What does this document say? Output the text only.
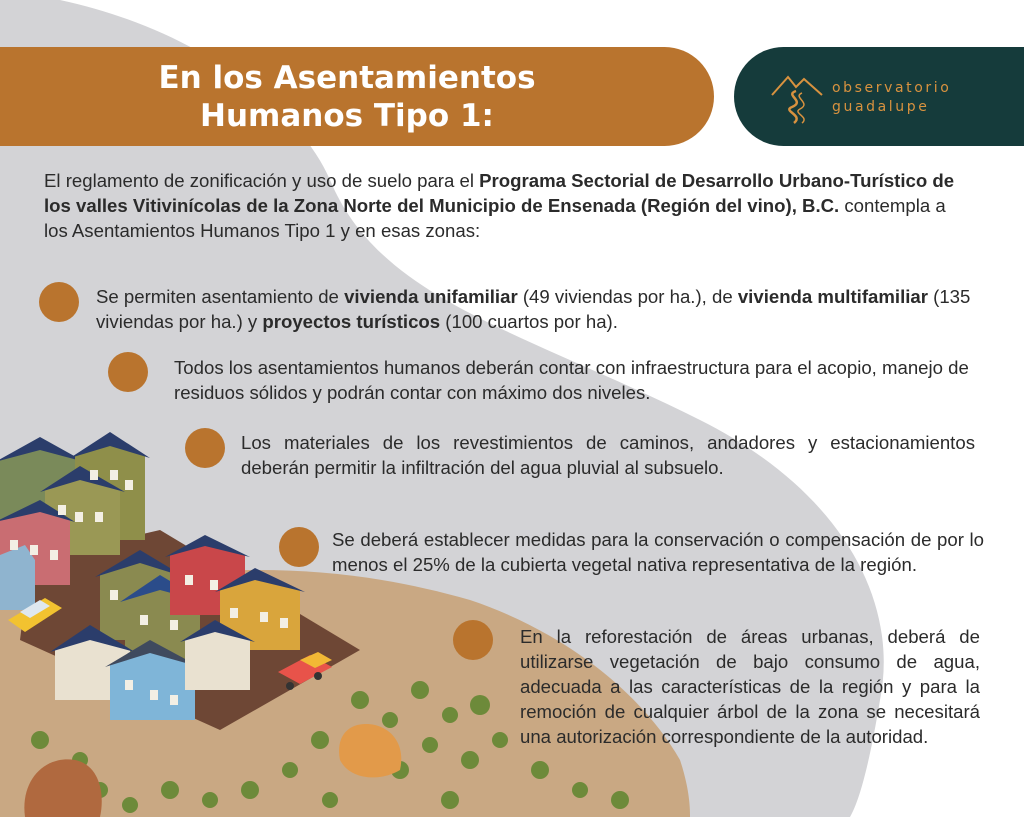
En los Asentamientos
Humanos Tipo 1:
observatorio
guadalupe
El reglamento de zonificación y uso de suelo para el Programa Sectorial de Desarrollo Urbano-Turístico de los valles Vitivinícolas de la Zona Norte del Municipio de Ensenada (Región del vino), B.C. contempla a los Asentamientos Humanos Tipo 1 y en esas zonas:
Se permiten asentamiento de vivienda unifamiliar (49 viviendas por ha.), de vivienda multifamiliar (135 viviendas por ha.) y proyectos turísticos (100 cuartos por ha).
Todos los asentamientos humanos deberán contar con infraestructura para el acopio, manejo de residuos sólidos y podrán contar con máximo dos niveles.
Los materiales de los revestimientos de caminos, andadores y estacionamientos deberán permitir la infiltración del agua pluvial al subsuelo.
Se deberá establecer medidas para la conservación o compensación de por lo menos el 25% de la cubierta vegetal nativa representativa de la región.
En la reforestación de áreas urbanas, deberá de utilizarse vegetación de bajo consumo de agua, adecuada a las características de la región y para la remoción de cualquier árbol de la zona se necesitará una autorización correspondiente de la autoridad.
